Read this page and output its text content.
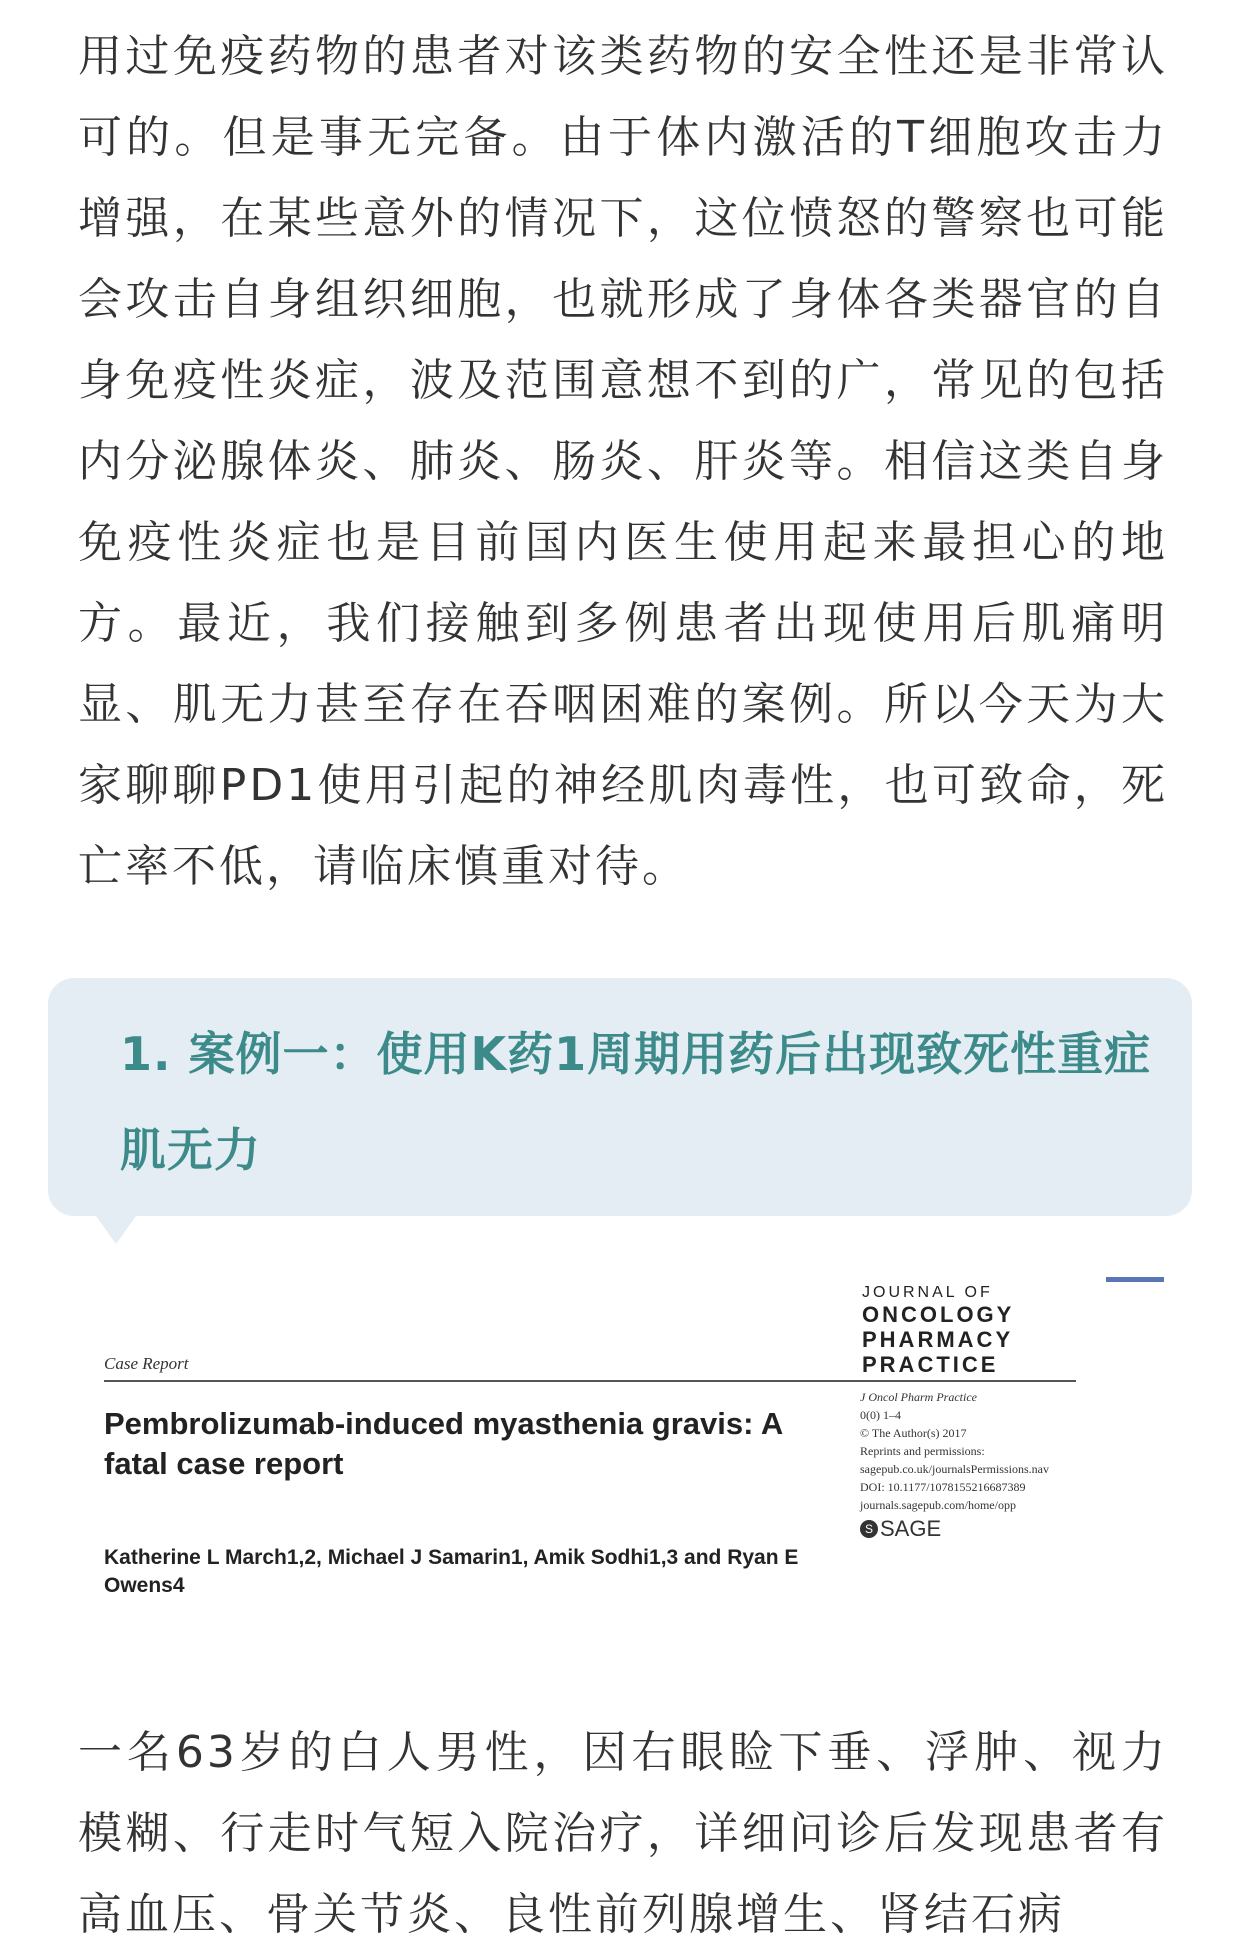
用过免疫药物的患者对该类药物的安全性还是非常认可的。但是事无完备。由于体内激活的T细胞攻击力增强，在某些意外的情况下，这位愤怒的警察也可能会攻击自身组织细胞，也就形成了身体各类器官的自身免疫性炎症，波及范围意想不到的广，常见的包括内分泌腺体炎、肺炎、肠炎、肝炎等。相信这类自身免疫性炎症也是目前国内医生使用起来最担心的地方。最近，我们接触到多例患者出现使用后肌痛明显、肌无力甚至存在吞咽困难的案例。所以今天为大家聊聊PD1使用引起的神经肌肉毒性，也可致命，死亡率不低，请临床慎重对待。

1. 案例一：使用K药1周期用药后出现致死性重症肌无力
Case Report
JOURNAL OF
ONCOLOGY
PHARMACY
PRACTICE
Pembrolizumab-induced myasthenia gravis: A fatal case report
Katherine L March1,2, Michael J Samarin1, Amik Sodhi1,3 and Ryan E Owens4
J Oncol Pharm Practice
0(0) 1–4
© The Author(s) 2017
Reprints and permissions:
sagepub.co.uk/journalsPermissions.nav
DOI: 10.1177/1078155216687389
journals.sagepub.com/home/opp
S SAGE

一名63岁的白人男性，因右眼睑下垂、浮肿、视力模糊、行走时气短入院治疗，详细问诊后发现患者有高血压、骨关节炎、良性前列腺增生、肾结石病
